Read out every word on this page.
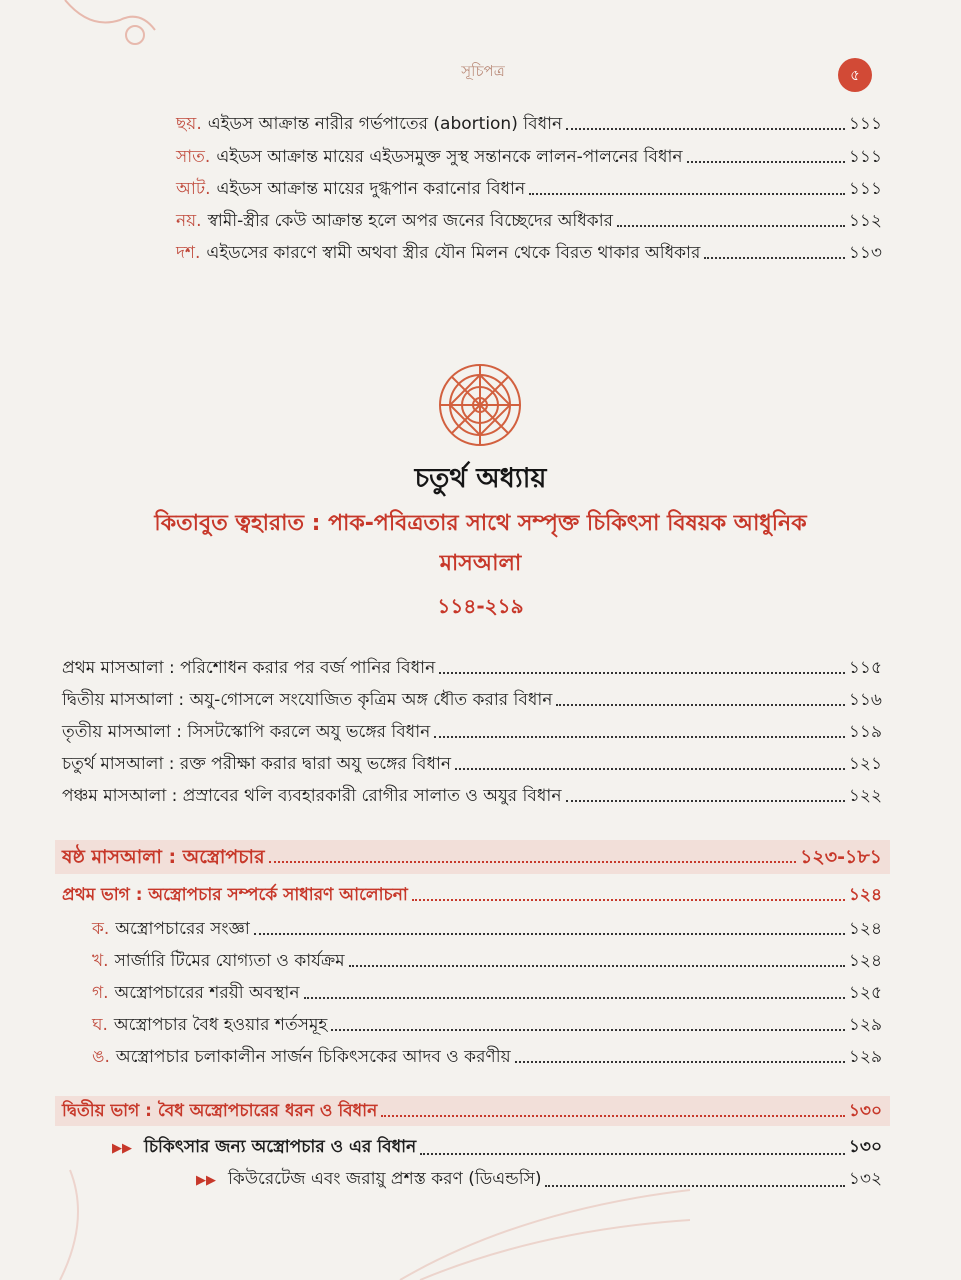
সূচিপত্র	৫
ছয়. এইডস আক্রান্ত নারীর গর্ভপাতের (abortion) বিধান	১১১
সাত. এইডস আক্রান্ত মায়ের এইডসমুক্ত সুস্থ সন্তানকে লালন-পালনের বিধান	১১১
আট. এইডস আক্রান্ত মায়ের দুগ্ধপান করানোর বিধান	১১১
নয়. স্বামী-স্ত্রীর কেউ আক্রান্ত হলে অপর জনের বিচ্ছেদের অধিকার	১১২
দশ. এইডসের কারণে স্বামী অথবা স্ত্রীর যৌন মিলন থেকে বিরত থাকার অধিকার	১১৩
চতুর্থ অধ্যায়
কিতাবুত ত্বহারাত : পাক-পবিত্রতার সাথে সম্পৃক্ত চিকিৎসা বিষয়ক আধুনিক
মাসআলা
১১৪-২১৯
প্রথম মাসআলা : পরিশোধন করার পর বর্জ পানির বিধান	১১৫
দ্বিতীয় মাসআলা : অযু-গোসলে সংযোজিত কৃত্রিম অঙ্গ ধৌত করার বিধান	১১৬
তৃতীয় মাসআলা : সিসটস্কোপি করলে অযু ভঙ্গের বিধান	১১৯
চতুর্থ মাসআলা : রক্ত পরীক্ষা করার দ্বারা অযু ভঙ্গের বিধান	১২১
পঞ্চম মাসআলা : প্রস্রাবের থলি ব্যবহারকারী রোগীর সালাত ও অযুর বিধান	১২২
ষষ্ঠ মাসআলা : অস্ত্রোপচার	১২৩-১৮১
প্রথম ভাগ : অস্ত্রোপচার সম্পর্কে সাধারণ আলোচনা	১২৪
ক. অস্ত্রোপচারের সংজ্ঞা	১২৪
খ. সার্জারি টিমের যোগ্যতা ও কার্যক্রম	১২৪
গ. অস্ত্রোপচারের শরয়ী অবস্থান	১২৫
ঘ. অস্ত্রোপচার বৈধ হওয়ার শর্তসমূহ	১২৯
ঙ. অস্ত্রোপচার চলাকালীন সার্জন চিকিৎসকের আদব ও করণীয়	১২৯
দ্বিতীয় ভাগ : বৈধ অস্ত্রোপচারের ধরন ও বিধান	১৩০
▶▶ চিকিৎসার জন্য অস্ত্রোপচার ও এর বিধান	১৩০
▶▶ কিউরেটেজ এবং জরায়ু প্রশস্ত করণ (ডিএন্ডসি)	১৩২
